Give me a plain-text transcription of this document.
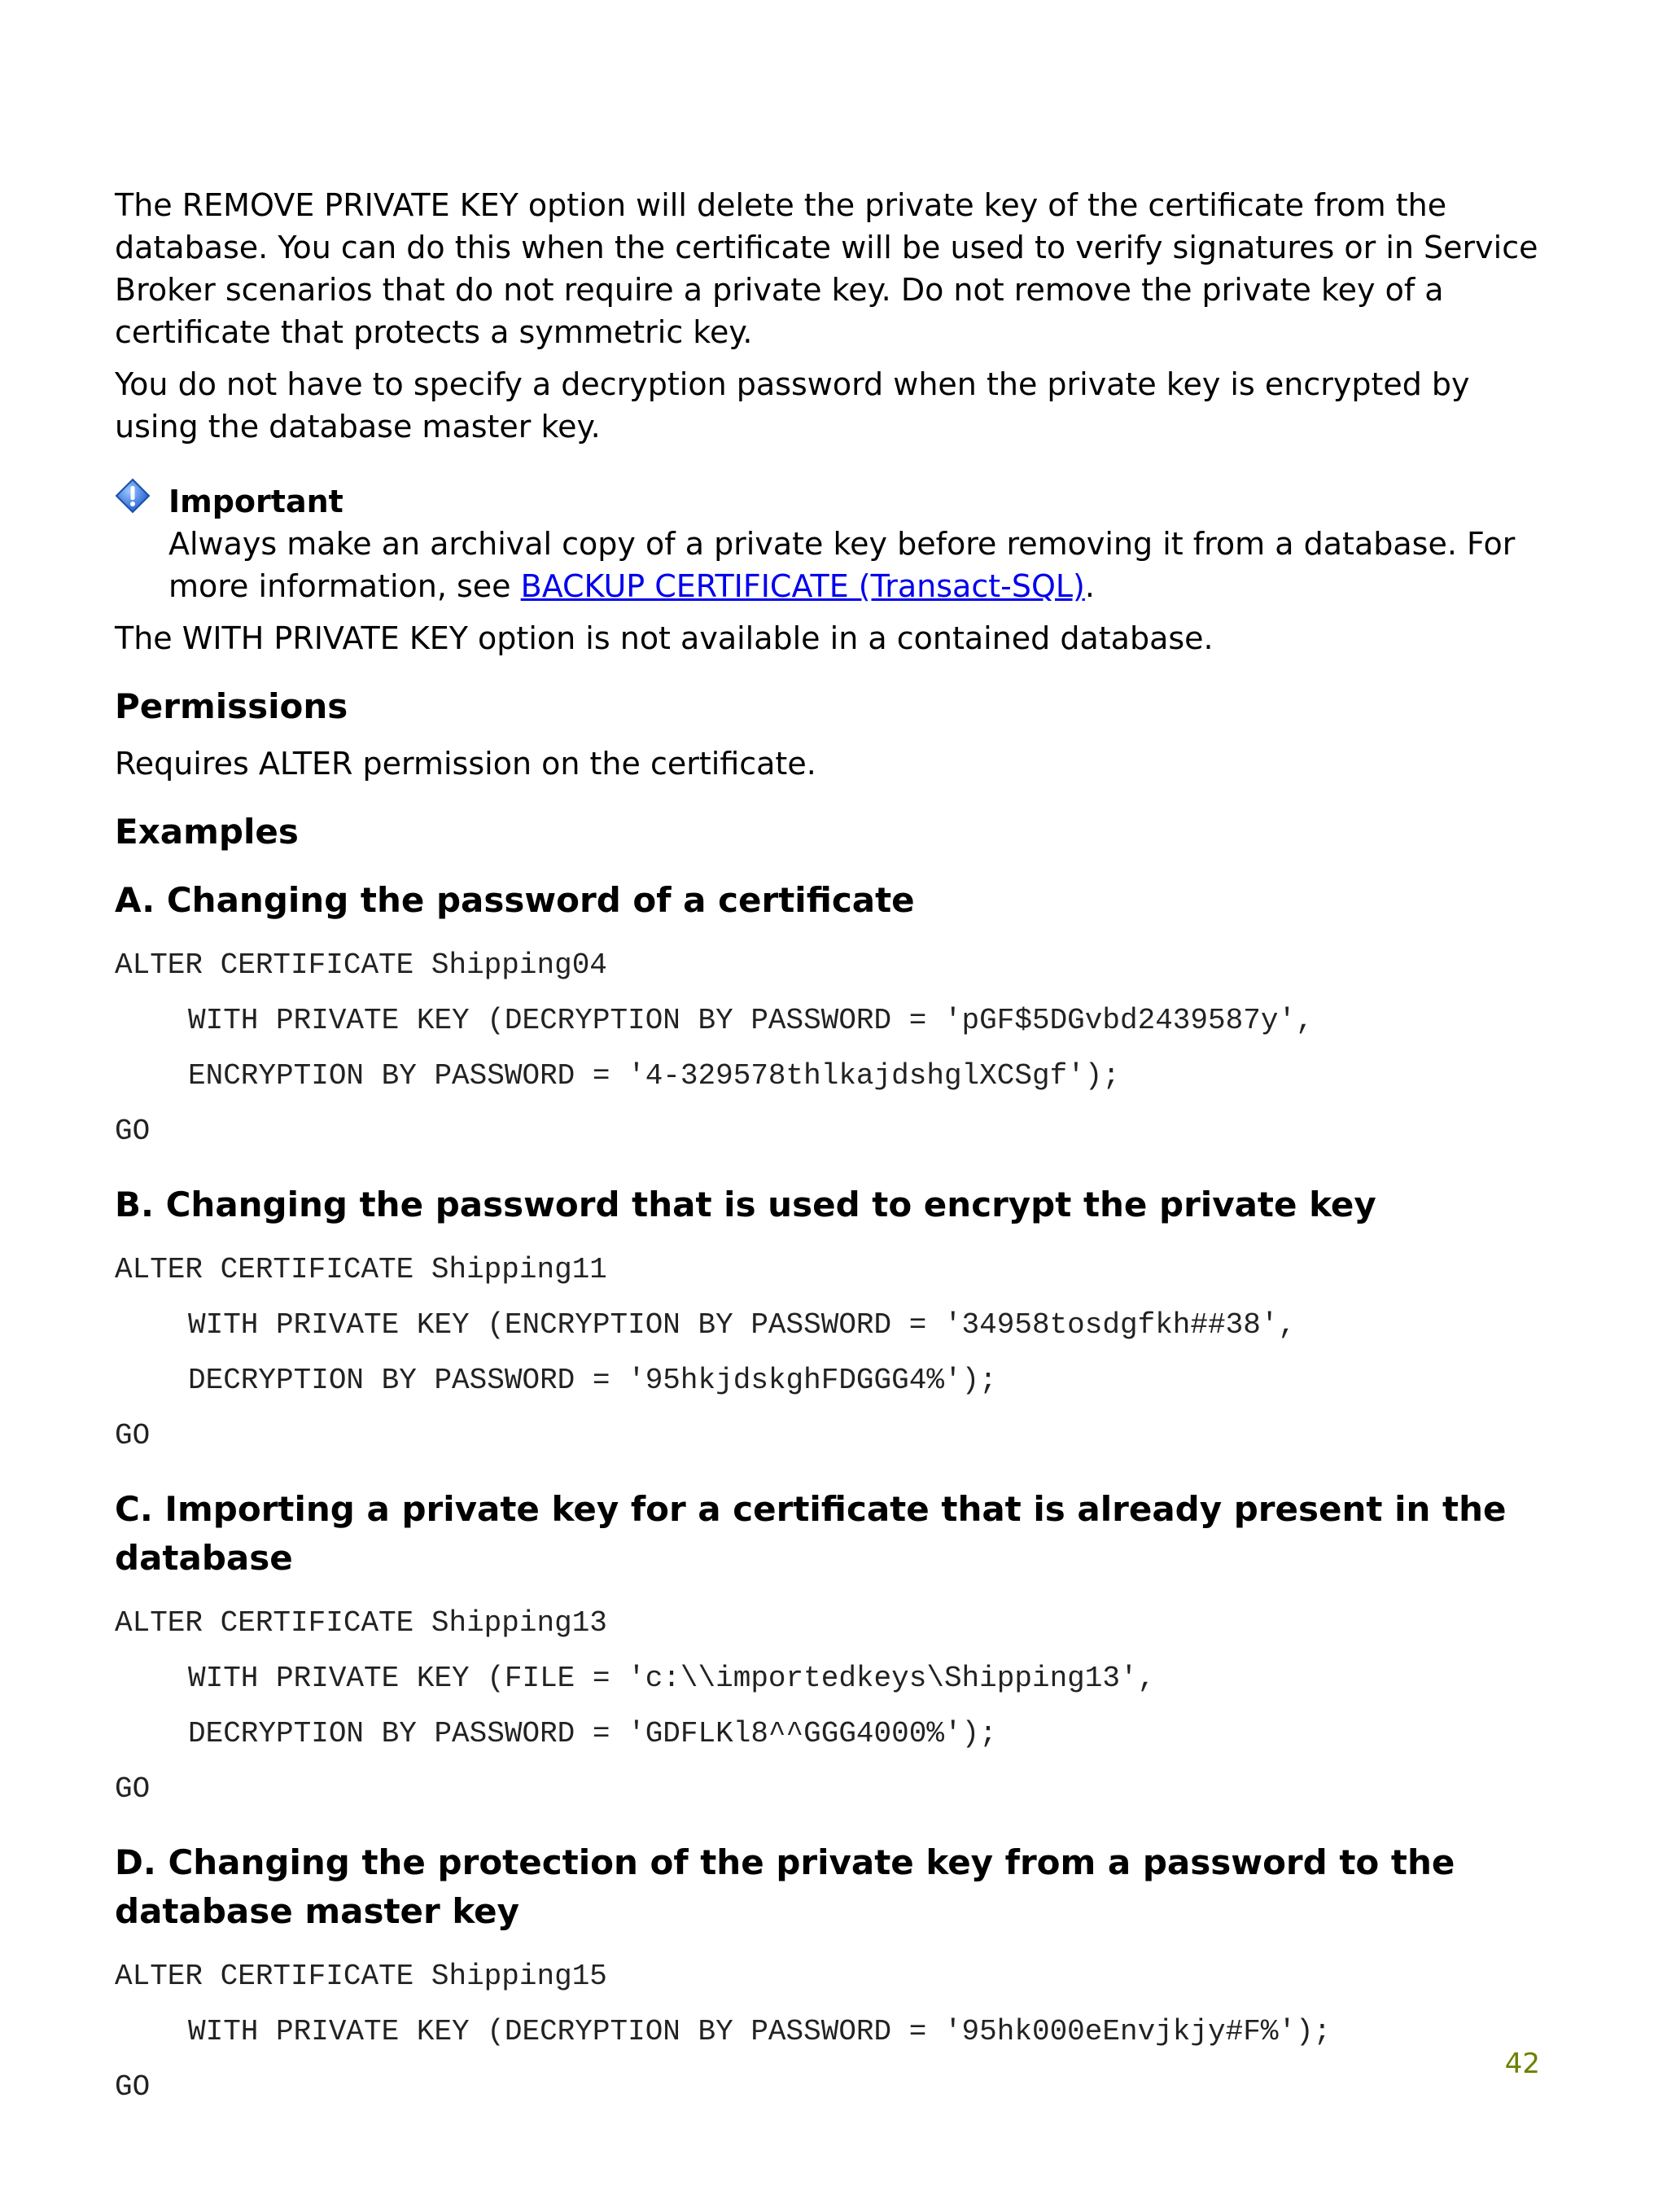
The REMOVE PRIVATE KEY option will delete the private key of the certificate from the database. You can do this when the certificate will be used to verify signatures or in Service Broker scenarios that do not require a private key. Do not remove the private key of a certificate that protects a symmetric key.

You do not have to specify a decryption password when the private key is encrypted by using the database master key.

Important

Always make an archival copy of a private key before removing it from a database. For more information, see BACKUP CERTIFICATE (Transact-SQL).

The WITH PRIVATE KEY option is not available in a contained database.

Permissions

Requires ALTER permission on the certificate.

Examples
A. Changing the password of a certificate

ALTER CERTIFICATE Shipping04

WITH PRIVATE KEY (DECRYPTION BY PASSWORD = 'pGF$5DGvbd2439587y',

ENCRYPTION BY PASSWORD = '4-329578thlkajdshglXCSgf');

GO

B. Changing the password that is used to encrypt the private key

ALTER CERTIFICATE Shipping11

WITH PRIVATE KEY (ENCRYPTION BY PASSWORD = '34958tosdgfkh##38',

DECRYPTION BY PASSWORD = '95hkjdskghFDGGG4%');

GO

C. Importing a private key for a certificate that is already present in the database

ALTER CERTIFICATE Shipping13

WITH PRIVATE KEY (FILE = 'c:\\importedkeys\Shipping13',

DECRYPTION BY PASSWORD = 'GDFLKl8^^GGG4000%');

GO

D. Changing the protection of the private key from a password to the database master key

ALTER CERTIFICATE Shipping15

WITH PRIVATE KEY (DECRYPTION BY PASSWORD = '95hk000eEnvjkjy#F%');

GO

42
